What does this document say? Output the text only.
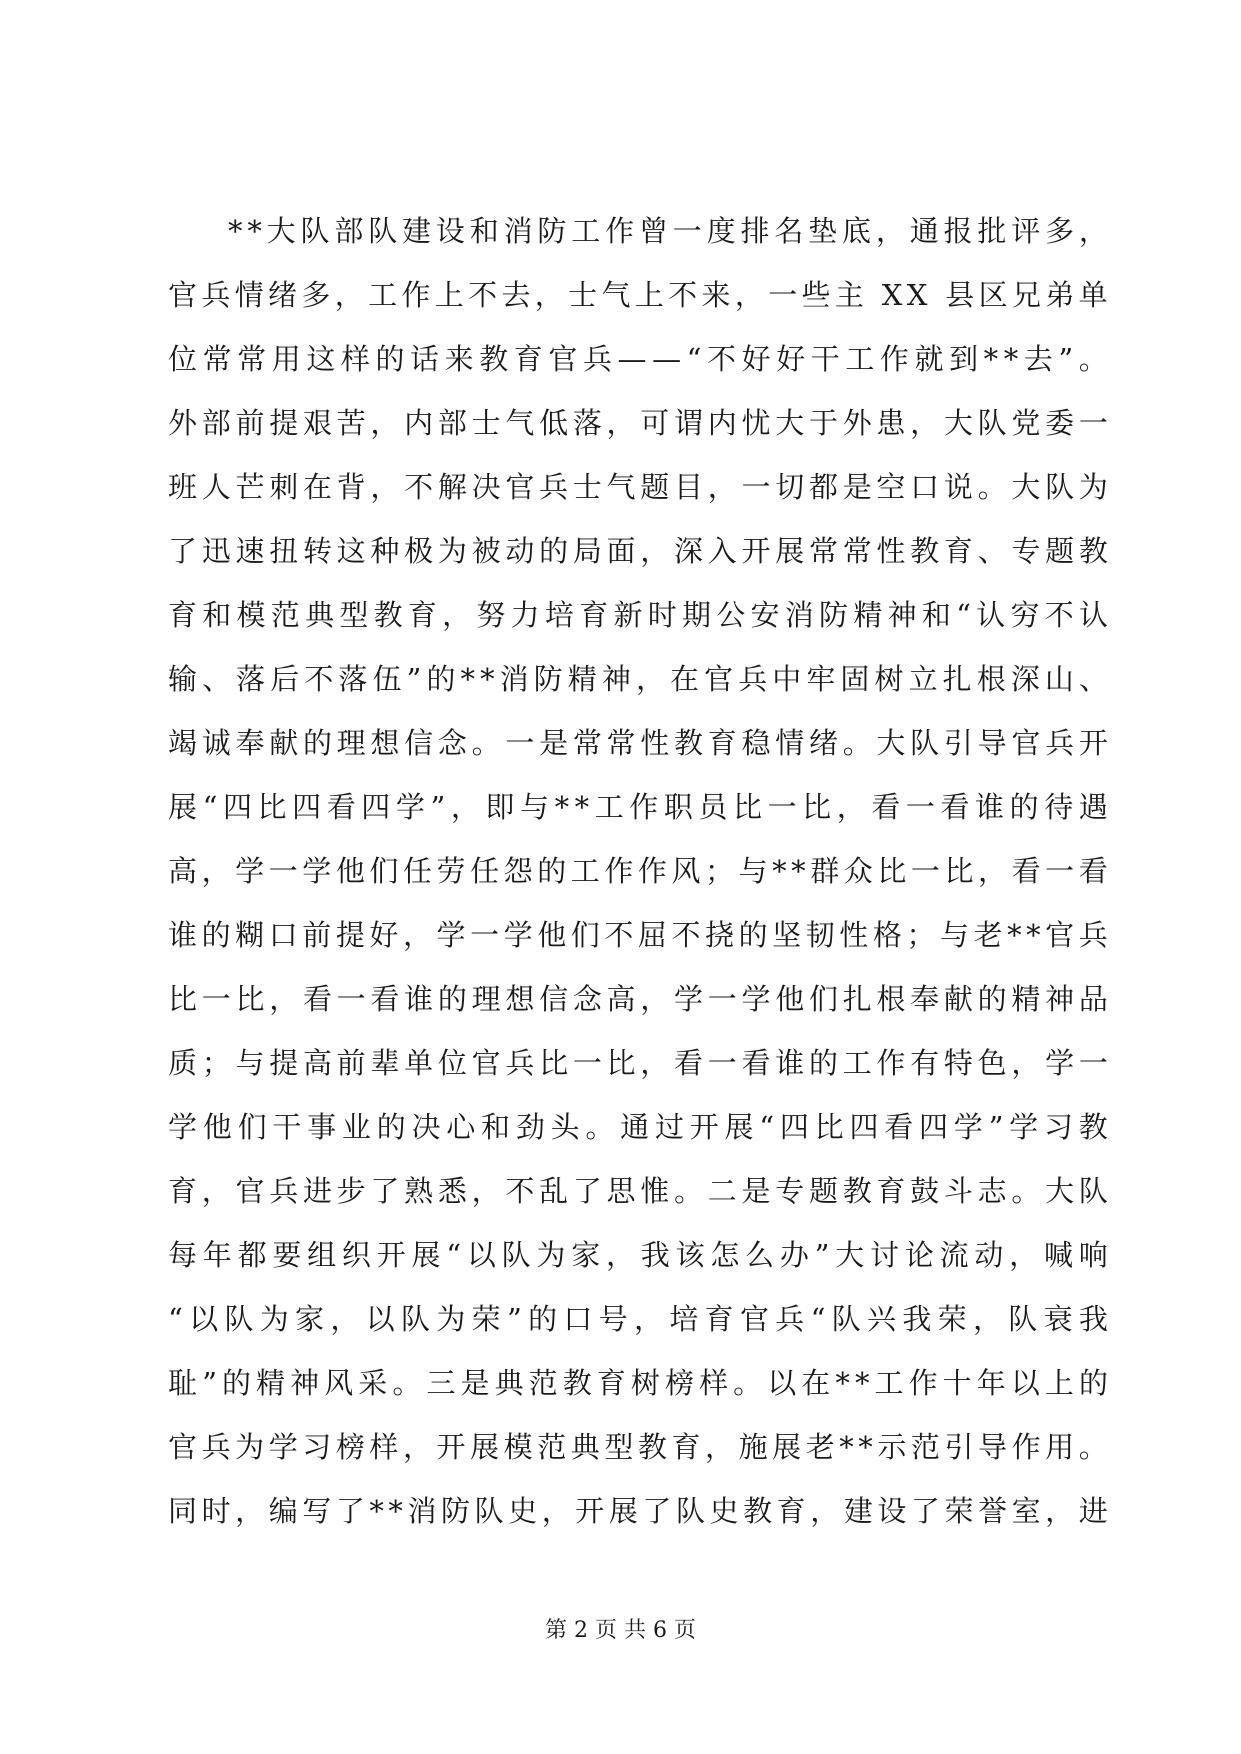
* * 大 队 部 队 建 设 和 消 防 工 作 曾 一 度 排 名 垫 底 ， 通 报 批 评 多 ，
官 兵 情 绪 多 ， 工 作 上 不 去 ， 士 气 上 不 来 ， 一 些 主
X X
县 区 兄 弟 单
位 常 常 用 这 样 的 话 来 教 育 官 兵 — — “ 不 好 好 干 工 作 就 到 * * 去 ” 。
外 部 前 提 艰 苦 ， 内 部 士 气 低 落 ， 可 谓 内 忧 大 于 外 患 ， 大 队 党 委 一
班 人 芒 刺 在 背 ， 不 解 决 官 兵 士 气 题 目 ， 一 切 都 是 空 口 说 。 大 队 为
了 迅 速 扭 转 这 种 极 为 被 动 的 局 面 ， 深 入 开 展 常 常 性 教 育 、 专 题 教
育 和 模 范 典 型 教 育 ， 努 力 培 育 新 时 期 公 安 消 防 精 神 和 “ 认 穷 不 认
输 、 落 后 不 落 伍 ” 的 * * 消 防 精 神 ， 在 官 兵 中 牢 固 树 立 扎 根 深 山 、
竭 诚 奉 献 的 理 想 信 念 。 一 是 常 常 性 教 育 稳 情 绪 。 大 队 引 导 官 兵 开
展 “ 四 比 四 看 四 学 ” ， 即 与 * * 工 作 职 员 比 一 比 ， 看 一 看 谁 的 待 遇
高 ， 学 一 学 他 们 任 劳 任 怨 的 工 作 作 风 ； 与 * * 群 众 比 一 比 ， 看 一 看
谁 的 糊 口 前 提 好 ， 学 一 学 他 们 不 屈 不 挠 的 坚 韧 性 格 ； 与 老 * * 官 兵
比 一 比 ， 看 一 看 谁 的 理 想 信 念 高 ， 学 一 学 他 们 扎 根 奉 献 的 精 神 品
质 ； 与 提 高 前 辈 单 位 官 兵 比 一 比 ， 看 一 看 谁 的 工 作 有 特 色 ， 学 一
学 他 们 干 事 业 的 决 心 和 劲 头 。 通 过 开 展 “ 四 比 四 看 四 学 ” 学 习 教
育 ， 官 兵 进 步 了 熟 悉 ， 不 乱 了 思 惟 。 二 是 专 题 教 育 鼓 斗 志 。 大 队
每 年 都 要 组 织 开 展 “ 以 队 为 家 ， 我 该 怎 么 办 ” 大 讨 论 流 动 ， 喊 响
“ 以 队 为 家 ， 以 队 为 荣 ” 的 口 号 ， 培 育 官 兵 “ 队 兴 我 荣 ， 队 衰 我
耻 ” 的 精 神 风 采 。 三 是 典 范 教 育 树 榜 样 。 以 在 * * 工 作 十 年 以 上 的
官 兵 为 学 习 榜 样 ， 开 展 模 范 典 型 教 育 ， 施 展 老 * * 示 范 引 导 作 用 。
同 时 ， 编 写 了 * * 消 防 队 史 ， 开 展 了 队 史 教 育 ， 建 设 了 荣 誉 室 ， 进
第 2 页 共 6 页
